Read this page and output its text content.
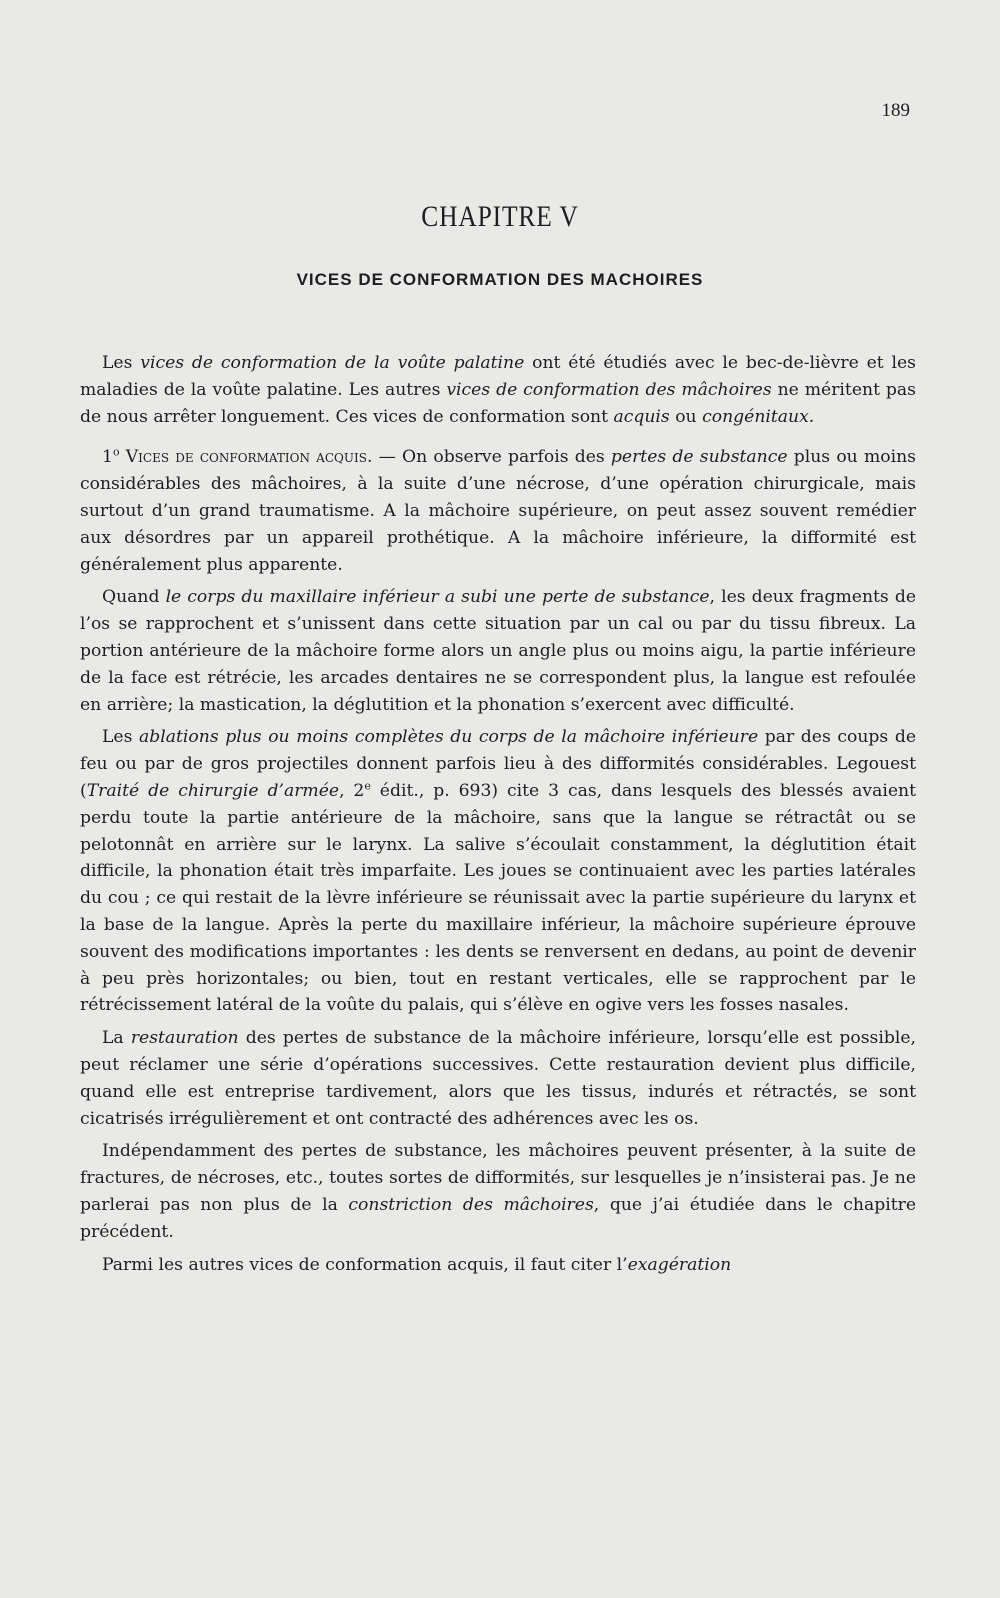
189
CHAPITRE V
VICES DE CONFORMATION DES MACHOIRES

Les vices de conformation de la voûte palatine ont été étudiés avec le bec-de-lièvre et les maladies de la voûte palatine. Les autres vices de conformation des mâchoires ne méritent pas de nous arrêter longuement. Ces vices de conformation sont acquis ou congénitaux.

1$^o$ Vices de conformation acquis. — On observe parfois des pertes de substance plus ou moins considérables des mâchoires, à la suite d’une nécrose, d’une opération chirurgicale, mais surtout d’un grand traumatisme. A la mâchoire supérieure, on peut assez souvent remédier aux désordres par un appareil prothétique. A la mâchoire inférieure, la difformité est généralement plus apparente.

Quand le corps du maxillaire inférieur a subi une perte de substance, les deux fragments de l’os se rapprochent et s’unissent dans cette situation par un cal ou par du tissu fibreux. La portion antérieure de la mâchoire forme alors un angle plus ou moins aigu, la partie inférieure de la face est rétrécie, les arcades dentaires ne se correspondent plus, la langue est refoulée en arrière; la mastication, la déglutition et la phonation s’exercent avec difficulté.

Les ablations plus ou moins complètes du corps de la mâchoire inférieure par des coups de feu ou par de gros projectiles donnent parfois lieu à des difformités considérables. Legouest (Traité de chirurgie d’armée, 2e édit., p. 693) cite 3 cas, dans lesquels des blessés avaient perdu toute la partie antérieure de la mâchoire, sans que la langue se rétractât ou se pelotonnât en arrière sur le larynx. La salive s’écoulait constamment, la déglutition était difficile, la phonation était très imparfaite. Les joues se continuaient avec les parties latérales du cou ; ce qui restait de la lèvre inférieure se réunissait avec la partie supérieure du larynx et la base de la langue. Après la perte du maxillaire inférieur, la mâchoire supérieure éprouve souvent des modifications importantes : les dents se renversent en dedans, au point de devenir à peu près horizontales; ou bien, tout en restant verticales, elle se rapprochent par le rétrécissement latéral de la voûte du palais, qui s’élève en ogive vers les fosses nasales.

La restauration des pertes de substance de la mâchoire inférieure, lorsqu’elle est possible, peut réclamer une série d’opérations successives. Cette restauration devient plus difficile, quand elle est entreprise tardivement, alors que les tissus, indurés et rétractés, se sont cicatrisés irrégulièrement et ont contracté des adhérences avec les os.

Indépendamment des pertes de substance, les mâchoires peuvent présenter, à la suite de fractures, de nécroses, etc., toutes sortes de difformités, sur lesquelles je n’insisterai pas. Je ne parlerai pas non plus de la constriction des mâchoires, que j’ai étudiée dans le chapitre précédent.

Parmi les autres vices de conformation acquis, il faut citer l’exagération
